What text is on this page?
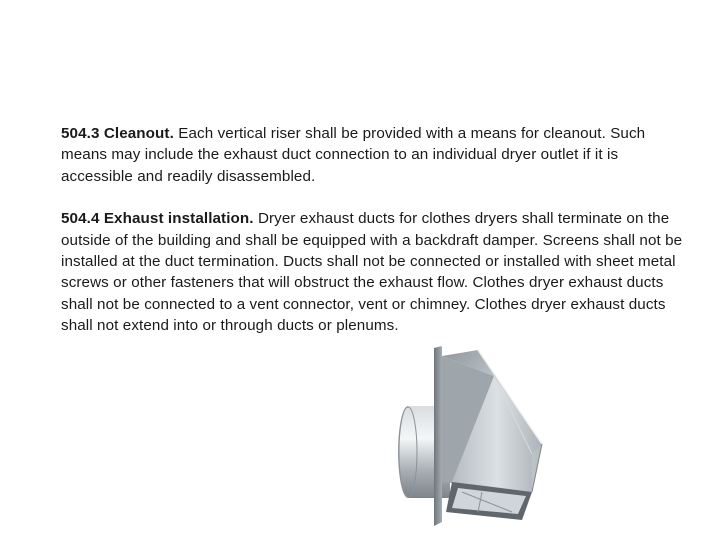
504.3 Cleanout. Each vertical riser shall be provided with a means for cleanout. Such means may include the exhaust duct connection to an individual dryer outlet if it is accessible and readily disassembled.

504.4 Exhaust installation. Dryer exhaust ducts for clothes dryers shall terminate on the outside of the building and shall be equipped with a backdraft damper. Screens shall not be installed at the duct termination. Ducts shall not be connected or installed with sheet metal screws or other fasteners that will obstruct the exhaust flow. Clothes dryer exhaust ducts shall not be connected to a vent connector, vent or chimney. Clothes dryer exhaust ducts shall not extend into or through ducts or plenums.
